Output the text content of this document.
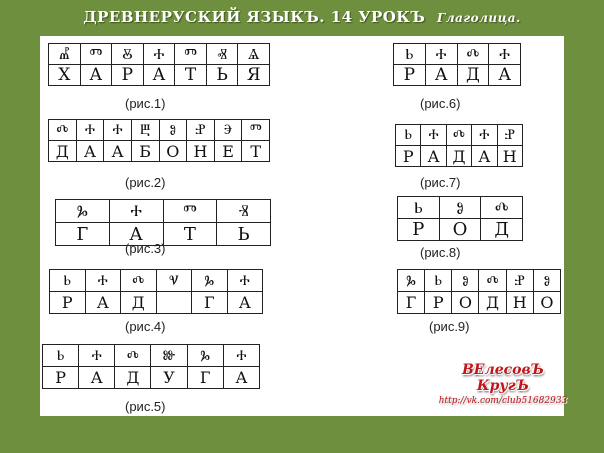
ДРЕВНЕРУСКИЙ ЯЗЫКЪ. 14 УРОКЪ Глаголица.
Ⰼ	Ⱅ	Ⰻ	Ⰰ	Ⱅ	Ⱏ	Ⱑ
Х	А	Р	А	Т	Ь	Я
(рис.1)
Ⰴ	Ⰰ	Ⰰ	Ⰱ	Ⱁ	Ⱀ	Ⰵ	Ⱅ
Д	А	А	Б	О	Н	Е	Т
(рис.2)
Ⰳ	Ⰰ	Ⱅ	Ⱐ
Г	А	Т	Ь
(рис.3)
Ⱃ	Ⰰ	Ⰴ	Ⱌ	Ⰳ	Ⰰ
Р	А	Д		Г	А
(рис.4)
Ⱃ	Ⰰ	Ⰴ	Ⱆ	Ⰳ	Ⰰ
Р	А	Д	У	Г	А
(рис.5)
Ⱃ	Ⰰ	Ⰴ	Ⰰ
Р	А	Д	А
(рис.6)
Ⱃ	Ⰰ	Ⰴ	Ⰰ	Ⱀ
Р	А	Д	А	Н
(рис.7)
Ⱃ	Ⱁ	Ⰴ
Р	О	Д
(рис.8)
Ⰳ	Ⱃ	Ⱁ	Ⰴ	Ⱀ	Ⱁ
Г	Р	О	Д	Н	О
(рис.9)
ВЕлесовЪ КругЪ
http://vk.com/club51682933
